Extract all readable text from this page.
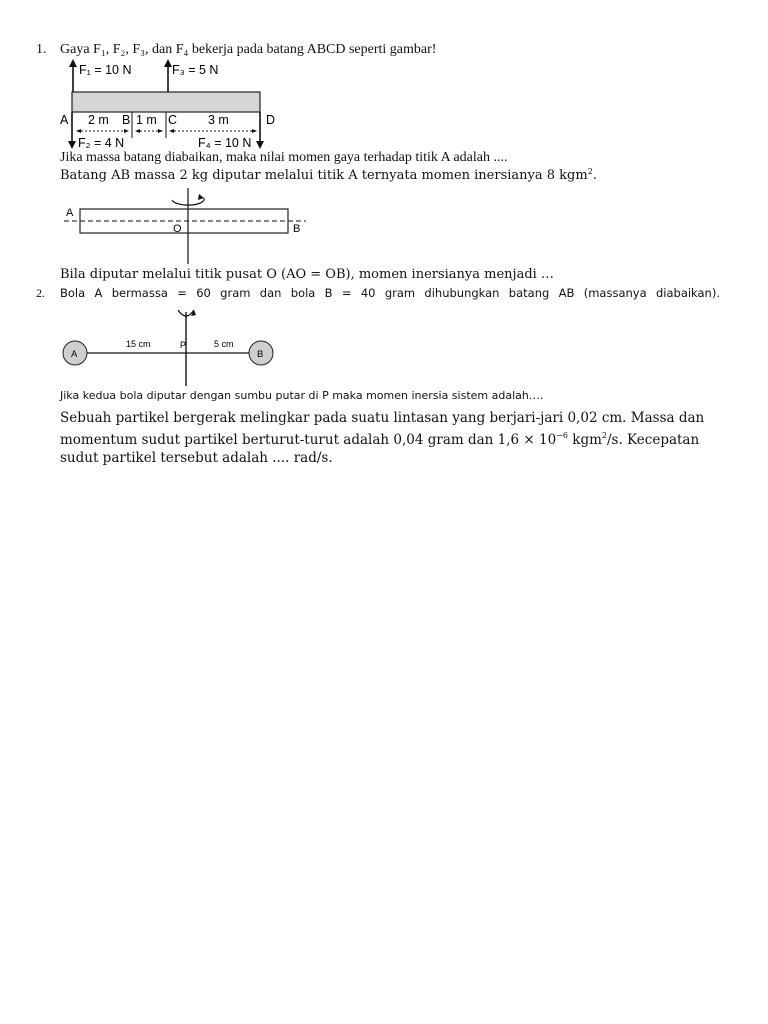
1. Gaya F₁, F₂, F₃, dan F₄ bekerja pada batang ABCD seperti gambar!
F₁ = 10 N	F₃ = 5 N
A	B	C	D
2 m 1 m	3 m
F₂ = 4 N	F₄ = 10 N
Jika massa batang diabaikan, maka nilai momen gaya terhadap titik A adalah ....
Batang AB massa 2 kg diputar melalui titik A ternyata momen inersianya 8 kgm$^2$.
A
B
O
Bila diputar melalui titik pusat O (AO = OB), momen inersianya menjadi …
2. Bola A bermassa = 60 gram dan bola B = 40 gram dihubungkan batang AB (massanya diabaikan).
A	B
P
15 cm	5 cm
Jika kedua bola diputar dengan sumbu putar di P maka momen inersia sistem adalah….
Sebuah partikel bergerak melingkar pada suatu lintasan yang berjari-jari 0,02 cm. Massa dan
momentum sudut partikel berturut-turut adalah 0,04 gram dan $1,6 \times 10^{-6}$ kgm$^2$/s. Kecepatan
sudut partikel tersebut adalah .... rad/s.
